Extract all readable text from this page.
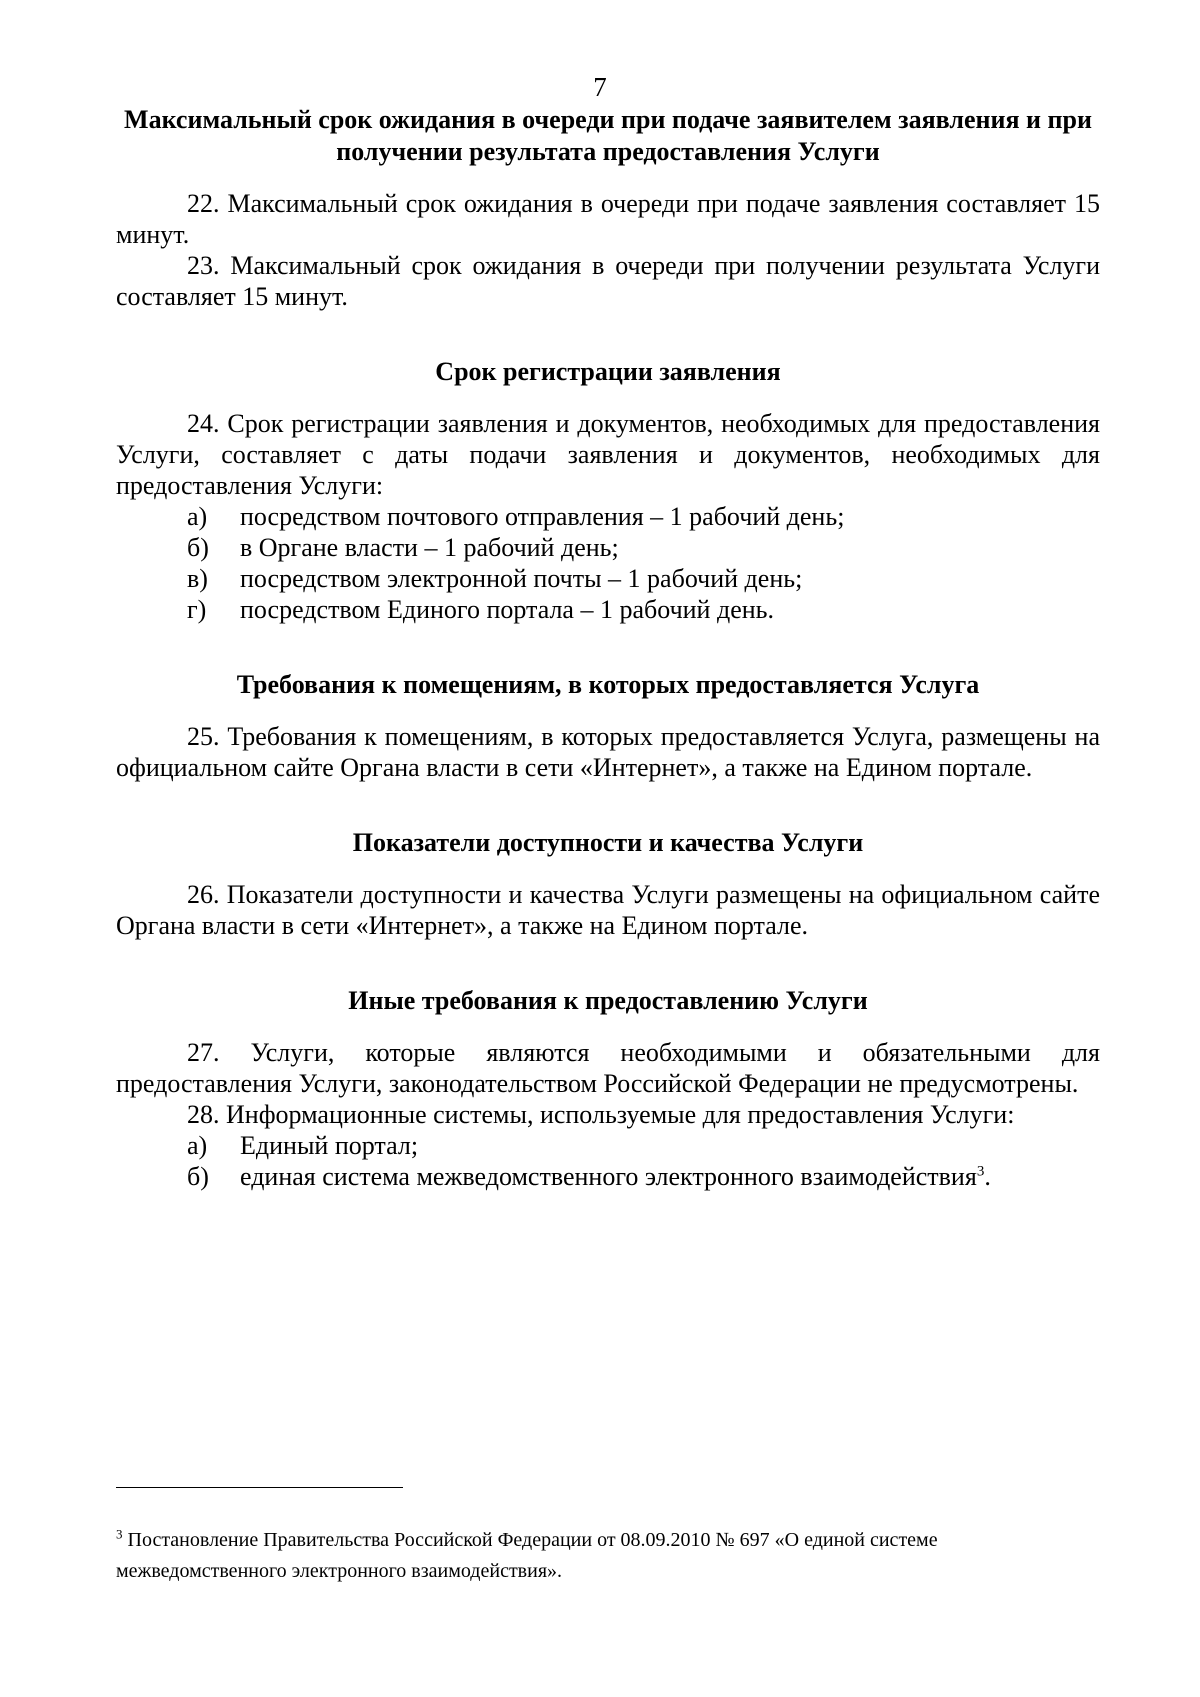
7
Максимальный срок ожидания в очереди при подаче заявителем заявления и при получении результата предоставления Услуги

22. Максимальный срок ожидания в очереди при подаче заявления составляет 15 минут.

23. Максимальный срок ожидания в очереди при получении результата Услуги составляет 15 минут.

Срок регистрации заявления

24. Срок регистрации заявления и документов, необходимых для предоставления Услуги, составляет с даты подачи заявления и документов, необходимых для предоставления Услуги:

а)	посредством почтового отправления – 1 рабочий день;
б)	в Органе власти – 1 рабочий день;
в)	посредством электронной почты – 1 рабочий день;
г)	посредством Единого портала – 1 рабочий день.
Требования к помещениям, в которых предоставляется Услуга

25. Требования к помещениям, в которых предоставляется Услуга, размещены на официальном сайте Органа власти в сети «Интернет», а также на Едином портале.

Показатели доступности и качества Услуги

26. Показатели доступности и качества Услуги размещены на официальном сайте Органа власти в сети «Интернет», а также на Едином портале.

Иные требования к предоставлению Услуги

27. Услуги, которые являются необходимыми и обязательными для предоставления Услуги, законодательством Российской Федерации не предусмотрены.

28. Информационные системы, используемые для предоставления Услуги:

а)	Единый портал;
б)	единая система межведомственного электронного взаимодействия$^3$.
$^3$ Постановление Правительства Российской Федерации от 08.09.2010 № 697 «О единой системе межведомственного электронного взаимодействия».
